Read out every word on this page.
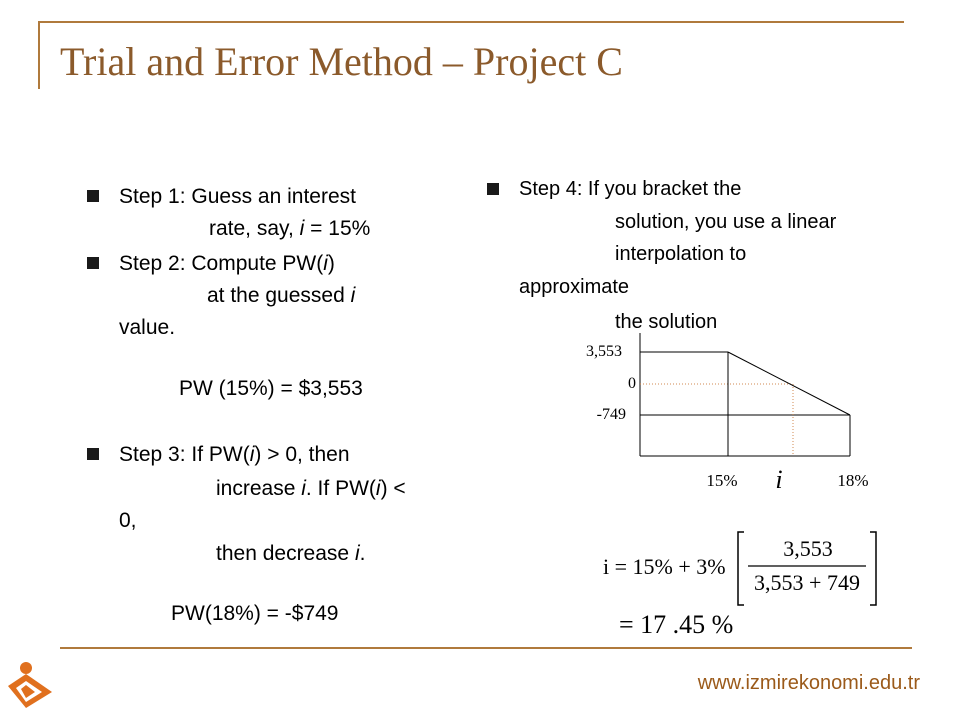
Trial and Error Method – Project C
Step 1: Guess an interest
rate, say, i = 15%
Step 2: Compute PW(i)
at the guessed i
value.
PW (15%) = $3,553
Step 3: If PW(i) > 0, then
increase i. If PW(i) <
0,
then decrease i.
PW(18%) = -$749
Step 4: If you bracket the
solution, you use a linear
interpolation to
approximate
the solution
3,553
0
-749
15% i	18%
i = 15% + 3%
3,553
3,553 + 749
= 17 .45 %
www.izmirekonomi.edu.tr
